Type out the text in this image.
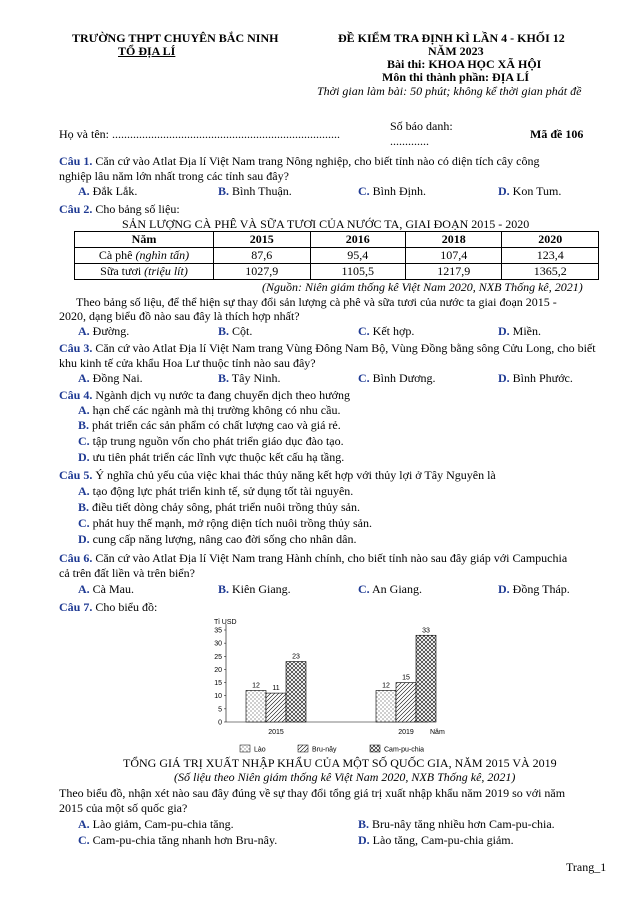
TRƯỜNG THPT CHUYÊN BẮC NINH
TỔ ĐỊA LÍ
ĐỀ KIỂM TRA ĐỊNH KÌ LẦN 4 - KHỐI 12
NĂM 2023
Bài thi: KHOA HỌC XÃ HỘI
Môn thi thành phần: ĐỊA LÍ
Thời gian làm bài: 50 phút; không kể thời gian phát đề
Họ và tên: ............................................................................
Số báo danh:
.............	Mã đề 106
Câu 1. Căn cứ vào Atlat Địa lí Việt Nam trang Nông nghiệp, cho biết tỉnh nào có diện tích cây công
nghiệp lâu năm lớn nhất trong các tỉnh sau đây?
A. Đắk Lắk.	B. Bình Thuận.	C. Bình Định.	D. Kon Tum.
Câu 2. Cho bảng số liệu:
SẢN LƯỢNG CÀ PHÊ VÀ SỮA TƯƠI CỦA NƯỚC TA, GIAI ĐOẠN 2015 - 2020
Năm	2015	2016	2018	2020
Cà phê (nghìn tấn)	87,6	95,4	107,4	123,4
Sữa tươi (triệu lít)	1027,9	1105,5	1217,9	1365,2
(Nguồn: Niên giám thống kê Việt Nam 2020, NXB Thống kê, 2021)
Theo bảng số liệu, để thể hiện sự thay đổi sản lượng cà phê và sữa tươi của nước ta giai đoạn 2015 -
2020, dạng biểu đồ nào sau đây là thích hợp nhất?
A. Đường.	B. Cột.	C. Kết hợp.	D. Miền.
Câu 3. Căn cứ vào Atlat Địa lí Việt Nam trang Vùng Đông Nam Bộ, Vùng Đồng bằng sông Cửu Long, cho biết
khu kinh tế cửa khẩu Hoa Lư thuộc tỉnh nào sau đây?
A. Đồng Nai.	B. Tây Ninh.	C. Bình Dương.	D. Bình Phước.
Câu 4. Ngành dịch vụ nước ta đang chuyển dịch theo hướng
A. hạn chế các ngành mà thị trường không có nhu cầu.
B. phát triển các sản phẩm có chất lượng cao và giá rẻ.
C. tập trung nguồn vốn cho phát triển giáo dục đào tạo.
D. ưu tiên phát triển các lĩnh vực thuộc kết cấu hạ tầng.
Câu 5. Ý nghĩa chủ yếu của việc khai thác thủy năng kết hợp với thủy lợi ở Tây Nguyên là
A. tạo động lực phát triển kinh tế, sử dụng tốt tài nguyên.
B. điều tiết dòng chảy sông, phát triển nuôi trồng thủy sản.
C. phát huy thế mạnh, mở rộng diện tích nuôi trồng thủy sản.
D. cung cấp năng lượng, nâng cao đời sống cho nhân dân.
Câu 6. Căn cứ vào Atlat Địa lí Việt Nam trang Hành chính, cho biết tỉnh nào sau đây giáp với Campuchia
cả trên đất liền và trên biển?
A. Cà Mau.	B. Kiên Giang.	C. An Giang.	D. Đồng Tháp.
Câu 7. Cho biểu đồ:
Tỉ USD
0
5
10
15
20
25
30
35
Năm
12 11
23
2015
12
15
33
2019
Lào	Bru-nây	Cam-pu-chia
TỔNG GIÁ TRỊ XUẤT NHẬP KHẨU CỦA MỘT SỐ QUỐC GIA, NĂM 2015 VÀ 2019
(Số liệu theo Niên giám thống kê Việt Nam 2020, NXB Thống kê, 2021)
Theo biểu đồ, nhận xét nào sau đây đúng về sự thay đổi tổng giá trị xuất nhập khẩu năm 2019 so với năm
2015 của một số quốc gia?
A. Lào giảm, Cam-pu-chia tăng.	B. Bru-nây tăng nhiều hơn Cam-pu-chia.
C. Cam-pu-chia tăng nhanh hơn Bru-nây.	D. Lào tăng, Cam-pu-chia giảm.
Trang_1
